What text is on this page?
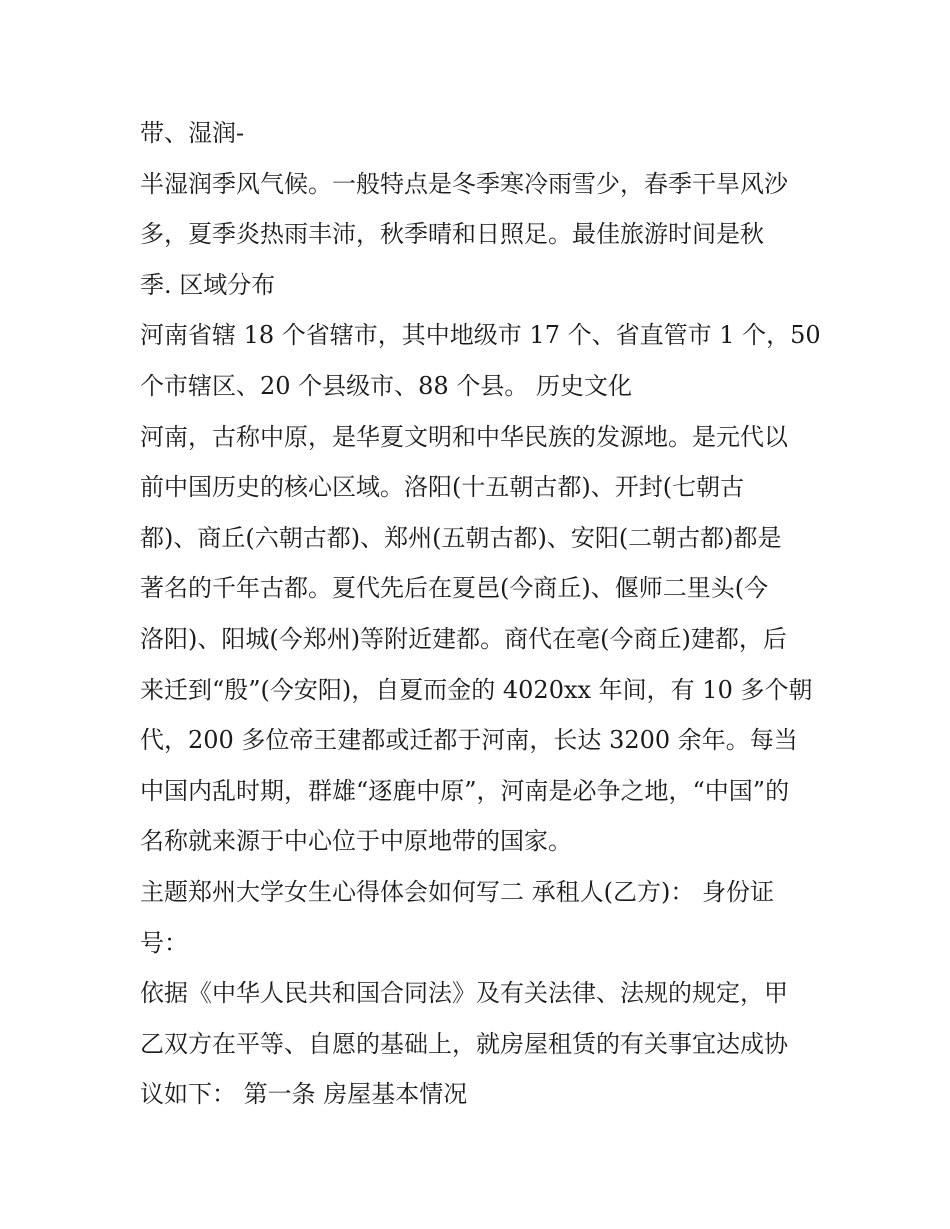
带、湿润-
半湿润季风气候。一般特点是冬季寒冷雨雪少，春季干旱风沙
多，夏季炎热雨丰沛，秋季晴和日照足。最佳旅游时间是秋
季. 区域分布
河南省辖 18 个省辖市，其中地级市 17 个、省直管市 1 个，50
个市辖区、20 个县级市、88 个县。 历史文化
河南，古称中原，是华夏文明和中华民族的发源地。是元代以
前中国历史的核心区域。洛阳(十五朝古都)、开封(七朝古
都)、商丘(六朝古都)、郑州(五朝古都)、安阳(二朝古都)都是
著名的千年古都。夏代先后在夏邑(今商丘)、偃师二里头(今
洛阳)、阳城(今郑州)等附近建都。商代在亳(今商丘)建都，后
来迁到“殷”(今安阳)，自夏而金的 4020xx 年间，有 10 多个朝
代，200 多位帝王建都或迁都于河南，长达 3200 余年。每当
中国内乱时期，群雄“逐鹿中原”，河南是必争之地，“中国”的
名称就来源于中心位于中原地带的国家。
主题郑州大学女生心得体会如何写二 承租人(乙方)： 身份证
号：
依据《中华人民共和国合同法》及有关法律、法规的规定，甲
乙双方在平等、自愿的基础上，就房屋租赁的有关事宜达成协
议如下： 第一条 房屋基本情况
